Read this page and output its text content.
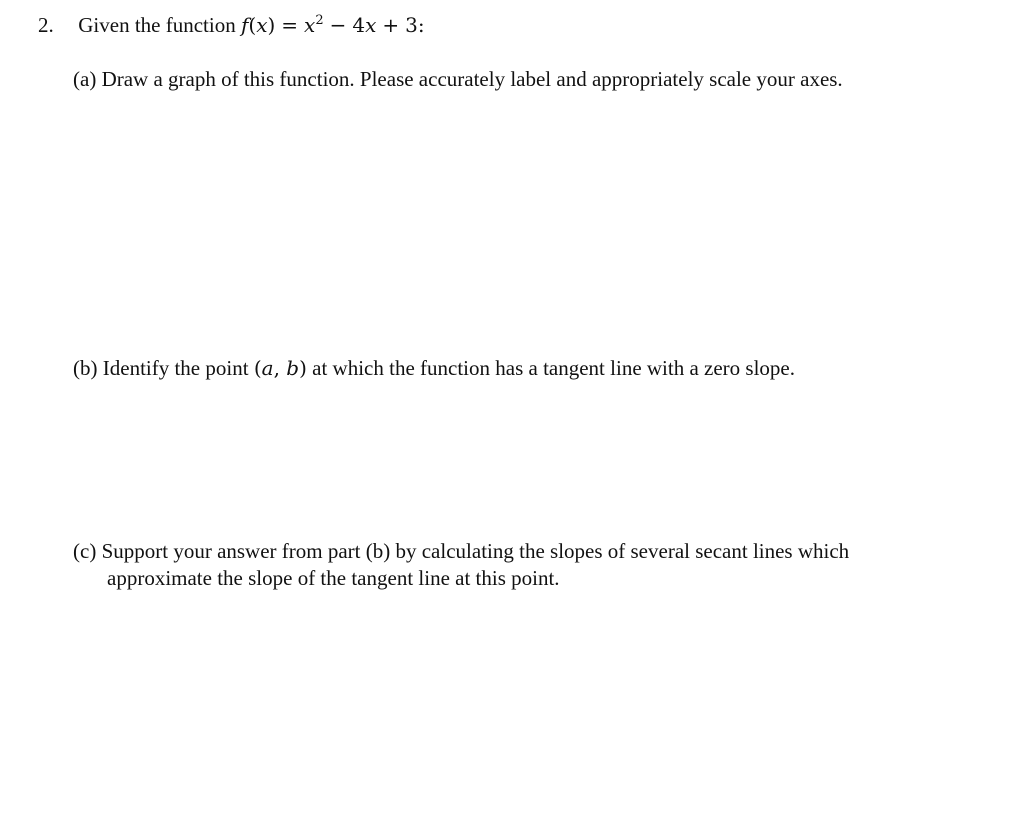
2. Given the function $f(x) = x^2 - 4x + 3$:
(a) Draw a graph of this function. Please accurately label and appropriately scale your axes.
(b) Identify the point (a, b) at which the function has a tangent line with a zero slope.
(c) Support your answer from part (b) by calculating the slopes of several secant lines which
approximate the slope of the tangent line at this point.
